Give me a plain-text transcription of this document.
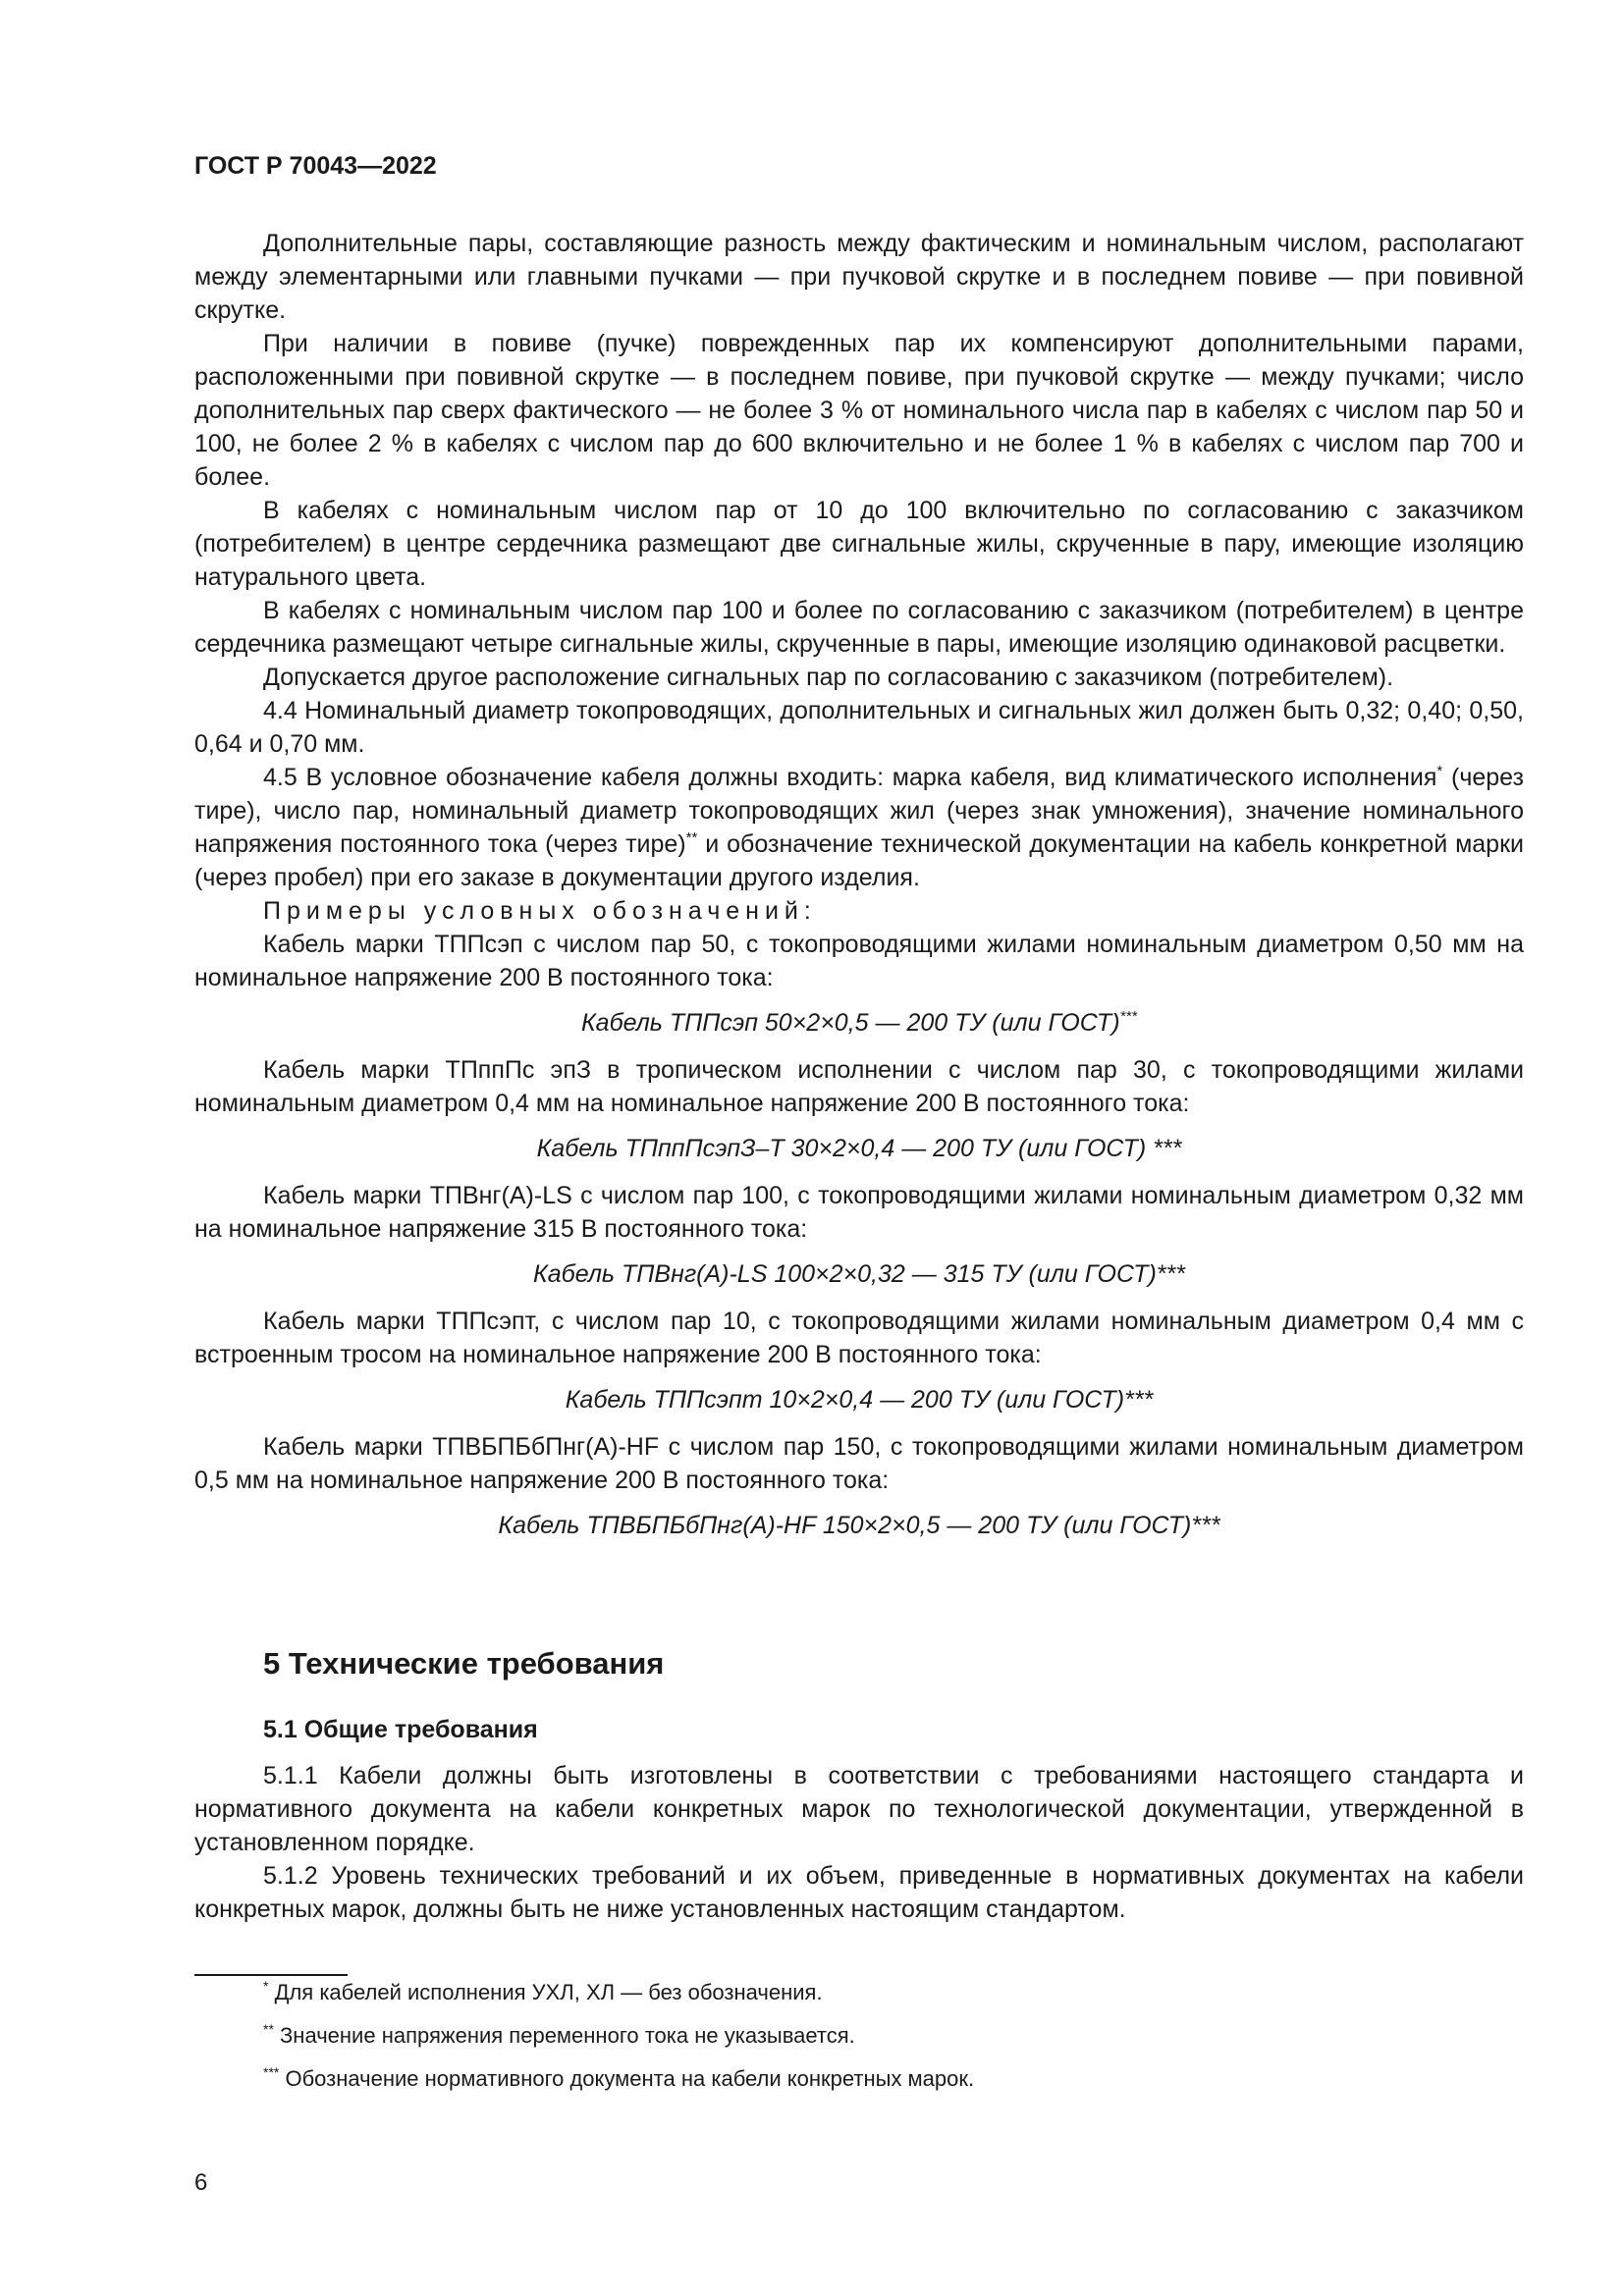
ГОСТ Р 70043—2022

Дополнительные пары, составляющие разность между фактическим и номинальным числом, располагают между элементарными или главными пучками — при пучковой скрутке и в последнем повиве — при повивной скрутке.

При наличии в повиве (пучке) поврежденных пар их компенсируют дополнительными парами, расположенными при повивной скрутке — в последнем повиве, при пучковой скрутке — между пучками; число дополнительных пар сверх фактического — не более 3 % от номинального числа пар в кабелях с числом пар 50 и 100, не более 2 % в кабелях с числом пар до 600 включительно и не более 1 % в кабелях с числом пар 700 и более.

В кабелях с номинальным числом пар от 10 до 100 включительно по согласованию с заказчиком (потребителем) в центре сердечника размещают две сигнальные жилы, скрученные в пару, имеющие изоляцию натурального цвета.

В кабелях с номинальным числом пар 100 и более по согласованию с заказчиком (потребителем) в центре сердечника размещают четыре сигнальные жилы, скрученные в пары, имеющие изоляцию одинаковой расцветки.

Допускается другое расположение сигнальных пар по согласованию с заказчиком (потребителем).

4.4 Номинальный диаметр токопроводящих, дополнительных и сигнальных жил должен быть 0,32; 0,40; 0,50, 0,64 и 0,70 мм.

4.5 В условное обозначение кабеля должны входить: марка кабеля, вид климатического исполнения* (через тире), число пар, номинальный диаметр токопроводящих жил (через знак умножения), значение номинального напряжения постоянного тока (через тире)** и обозначение технической документации на кабель конкретной марки (через пробел) при его заказе в документации другого изделия.

Примеры условных обозначений:

Кабель марки ТППсэп с числом пар 50, с токопроводящими жилами номинальным диаметром 0,50 мм на номинальное напряжение 200 В постоянного тока:

Кабель ТППсэп 50×2×0,5 — 200 ТУ (или ГОСТ)***

Кабель марки ТПппПс эпЗ в тропическом исполнении с числом пар 30, с токопроводящими жилами номинальным диаметром 0,4 мм на номинальное напряжение 200 В постоянного тока:

Кабель ТПппПсэпЗ–Т 30×2×0,4 — 200 ТУ (или ГОСТ) ***

Кабель марки ТПВнг(А)-LS с числом пар 100, с токопроводящими жилами номинальным диаметром 0,32 мм на номинальное напряжение 315 В постоянного тока:

Кабель ТПВнг(А)-LS 100×2×0,32 — 315 ТУ (или ГОСТ)***

Кабель марки ТППсэпт, с числом пар 10, с токопроводящими жилами номинальным диаметром 0,4 мм с встроенным тросом на номинальное напряжение 200 В постоянного тока:

Кабель ТППсэпт 10×2×0,4 — 200 ТУ (или ГОСТ)***

Кабель марки ТПВБПБбПнг(А)-HF с числом пар 150, с токопроводящими жилами номинальным диаметром 0,5 мм на номинальное напряжение 200 В постоянного тока:

Кабель ТПВБПБбПнг(А)-HF 150×2×0,5 — 200 ТУ (или ГОСТ)***

5 Технические требования
5.1 Общие требования

5.1.1 Кабели должны быть изготовлены в соответствии с требованиями настоящего стандарта и нормативного документа на кабели конкретных марок по технологической документации, утвержденной в установленном порядке.

5.1.2 Уровень технических требований и их объем, приведенные в нормативных документах на кабели конкретных марок, должны быть не ниже установленных настоящим стандартом.

* Для кабелей исполнения УХЛ, ХЛ — без обозначения.

** Значение напряжения переменного тока не указывается.

*** Обозначение нормативного документа на кабели конкретных марок.

6
